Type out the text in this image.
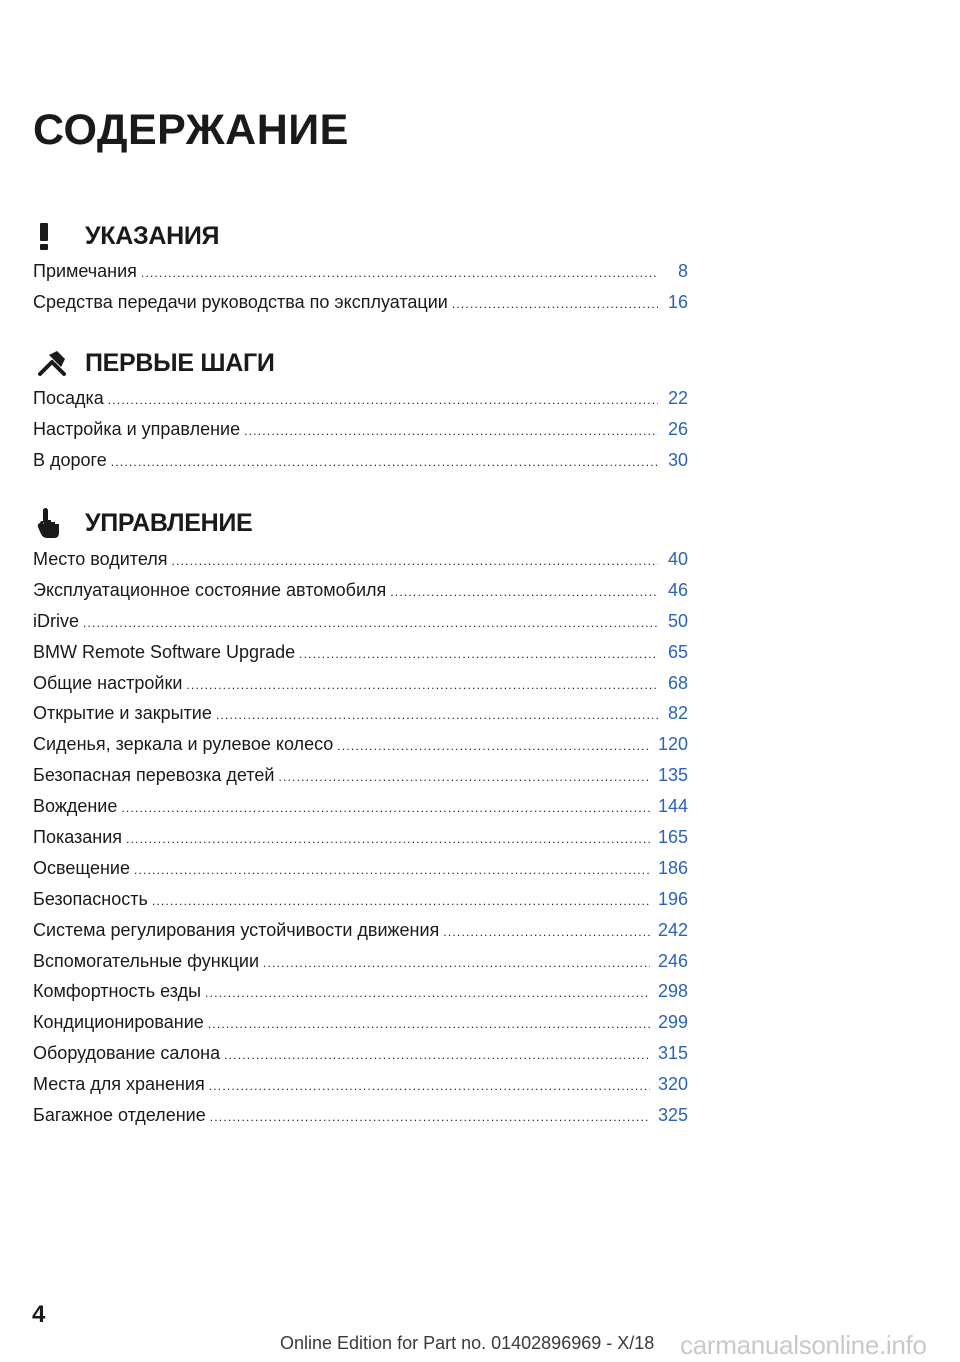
СОДЕРЖАНИЕ
УКАЗАНИЯ
Примечания .....	8
Средства передачи руководства по эксплуатации .....	16
ПЕРВЫЕ ШАГИ
Посадка .....	22
Настройка и управление .....	26
В дороге .....	30
УПРАВЛЕНИЕ
Место водителя .....	40
Эксплуатационное состояние автомобиля .....	46
iDrive .....	50
BMW Remote Software Upgrade .....	65
Общие настройки .....	68
Открытие и закрытие .....	82
Сиденья, зеркала и рулевое колесо .....	120
Безопасная перевозка детей .....	135
Вождение .....	144
Показания .....	165
Освещение .....	186
Безопасность .....	196
Система регулирования устойчивости движения .....	242
Вспомогательные функции .....	246
Комфортность езды .....	298
Кондиционирование .....	299
Оборудование салона .....	315
Места для хранения .....	320
Багажное отделение .....	325
4
Online Edition for Part no. 01402896969 - X/18 carmanualsonline.info
